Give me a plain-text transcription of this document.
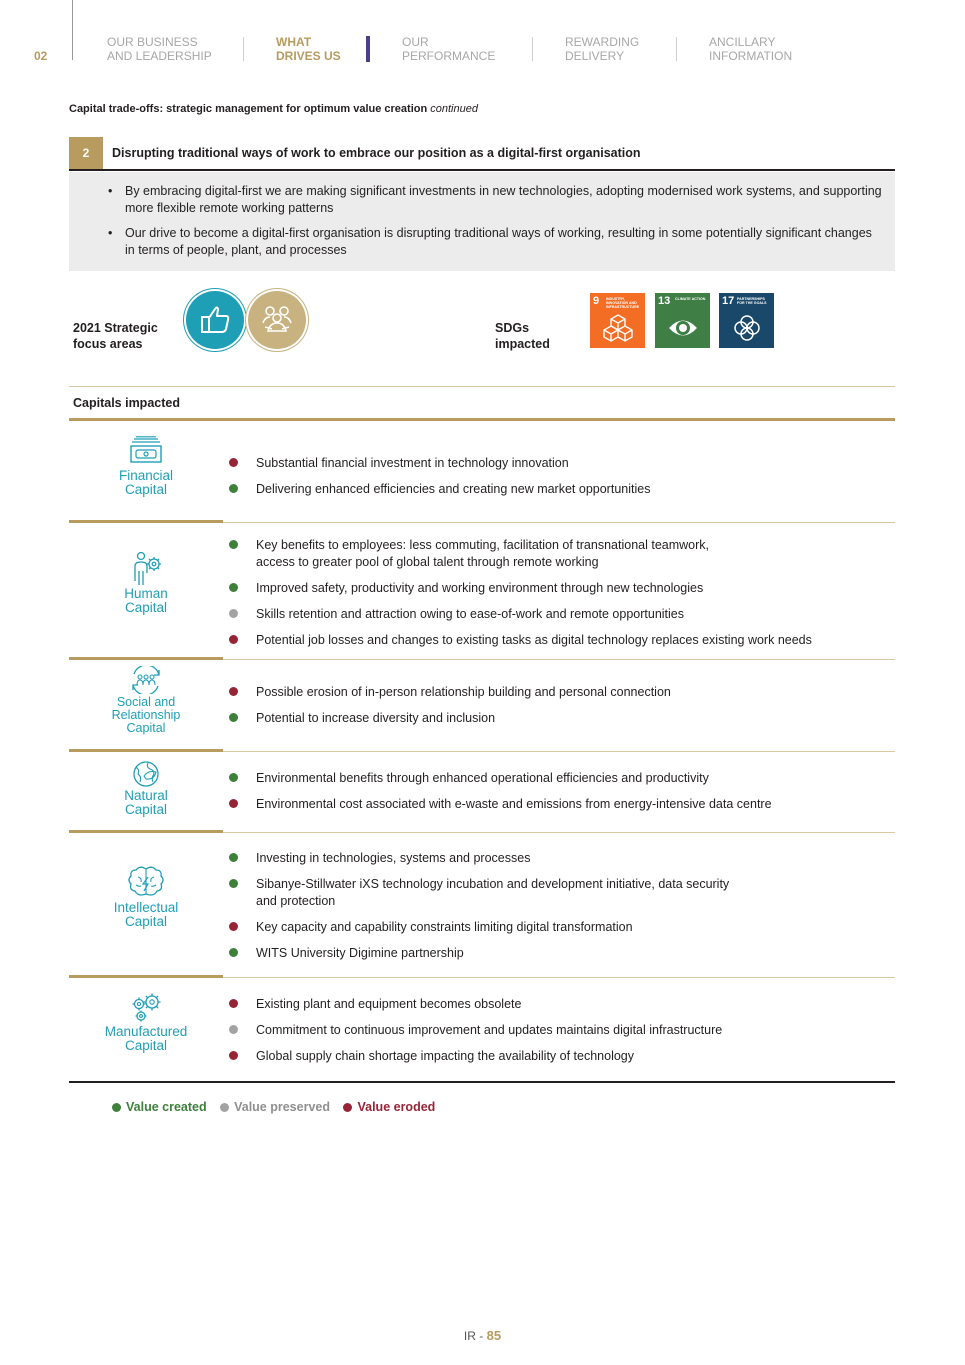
02
OUR BUSINESS
AND LEADERSHIP
WHAT
DRIVES US
OUR
PERFORMANCE
REWARDING
DELIVERY
ANCILLARY
INFORMATION
Capital trade-offs: strategic management for optimum value creation continued
2	Disrupting traditional ways of work to embrace our position as a digital-first organisation
• By embracing digital-first we are making significant investments in new technologies, adopting modernised work systems, and supporting more flexible remote working patterns
• Our drive to become a digital-first organisation is disrupting traditional ways of working, resulting in some potentially significant changes in terms of people, plant, and processes
2021 Strategic
focus areas
SDGs
impacted
9 INDUSTRY, INNOVATION AND INFRASTRUCTURE
13 CLIMATE ACTION	17 PARTNERSHIPS FOR THE GOALS
Capitals impacted
Financial
Capital
Substantial financial investment in technology innovation
Delivering enhanced efficiencies and creating new market opportunities
Human
Capital
Key benefits to employees: less commuting, facilitation of transnational teamwork,
access to greater pool of global talent through remote working
Improved safety, productivity and working environment through new technologies
Skills retention and attraction owing to ease-of-work and remote opportunities
Potential job losses and changes to existing tasks as digital technology replaces existing work needs
Social and
Relationship
Capital
Possible erosion of in-person relationship building and personal connection
Potential to increase diversity and inclusion
Natural
Capital
Environmental benefits through enhanced operational efficiencies and productivity
Environmental cost associated with e-waste and emissions from energy-intensive data centre
Intellectual
Capital
Investing in technologies, systems and processes
Sibanye-Stillwater iXS technology incubation and development initiative, data security
and protection
Key capacity and capability constraints limiting digital transformation
WITS University Digimine partnership
Manufactured
Capital
Existing plant and equipment becomes obsolete
Commitment to continuous improvement and updates maintains digital infrastructure
Global supply chain shortage impacting the availability of technology
Value created
Value preserved
Value eroded
IR - 85
